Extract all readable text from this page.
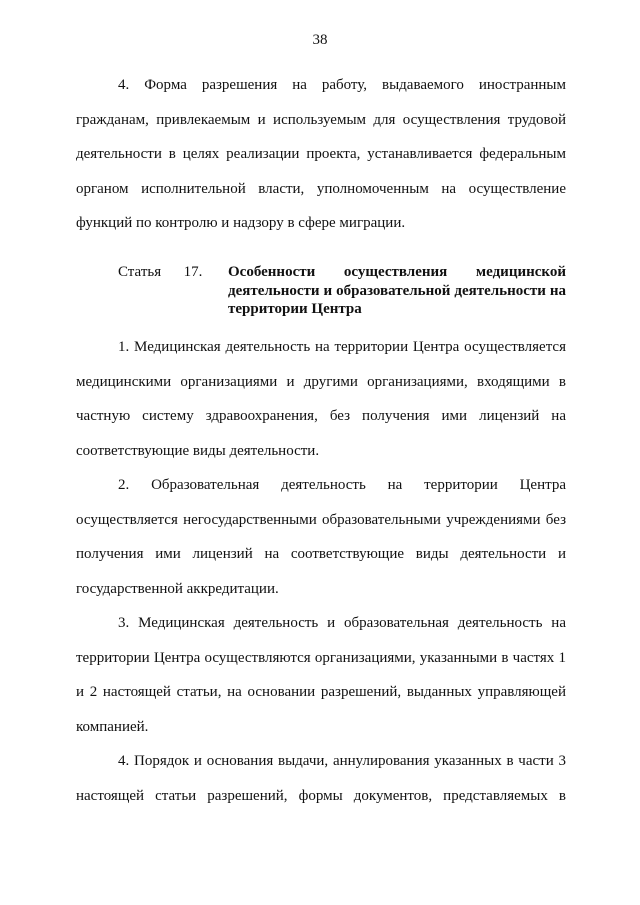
38

4. Форма разрешения на работу, выдаваемого иностранным гражданам, привлекаемым и используемым для осуществления трудовой деятельности в целях реализации проекта, устанавливается федеральным органом исполнительной власти, уполномоченным на осуществление функций по контролю и надзору в сфере миграции.

Статья	17.	Особенности осуществления медицинской деятельности и образовательной деятельности на территории Центра

1. Медицинская деятельность на территории Центра осуществляется медицинскими организациями и другими организациями, входящими в частную систему здравоохранения, без получения ими лицензий на соответствующие виды деятельности.

2. Образовательная деятельность на территории Центра осуществляется негосударственными образовательными учреждениями без получения ими лицензий на соответствующие виды деятельности и государственной аккредитации.

3. Медицинская деятельность и образовательная деятельность на территории Центра осуществляются организациями, указанными в частях 1 и 2 настоящей статьи, на основании разрешений, выданных управляющей компанией.

4. Порядок и основания выдачи, аннулирования указанных в части 3 настоящей статьи разрешений, формы документов, представляемых в
